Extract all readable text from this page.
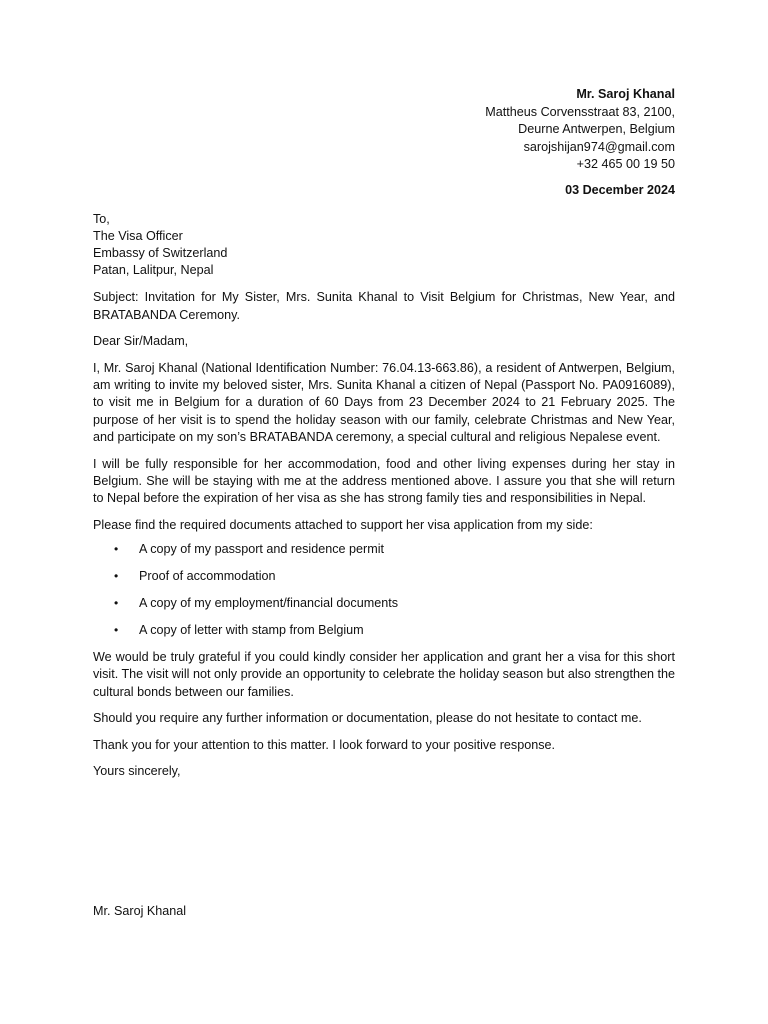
Mr. Saroj Khanal
Mattheus Corvensstraat 83, 2100,
Deurne Antwerpen, Belgium
sarojshijan974@gmail.com
+32 465 00 19 50
03 December 2024
To,
The Visa Officer
Embassy of Switzerland
Patan, Lalitpur, Nepal

Subject: Invitation for My Sister, Mrs. Sunita Khanal to Visit Belgium for Christmas, New Year, and BRATABANDA Ceremony.

Dear Sir/Madam,

I, Mr. Saroj Khanal (National Identification Number: 76.04.13-663.86), a resident of Antwerpen, Belgium, am writing to invite my beloved sister, Mrs. Sunita Khanal a citizen of Nepal (Passport No. PA0916089), to visit me in Belgium for a duration of 60 Days from 23 December 2024 to 21 February 2025. The purpose of her visit is to spend the holiday season with our family, celebrate Christmas and New Year, and participate on my son’s BRATABANDA ceremony, a special cultural and religious Nepalese event.

I will be fully responsible for her accommodation, food and other living expenses during her stay in Belgium. She will be staying with me at the address mentioned above. I assure you that she will return to Nepal before the expiration of her visa as she has strong family ties and responsibilities in Nepal.

Please find the required documents attached to support her visa application from my side:

• A copy of my passport and residence permit
• Proof of accommodation
• A copy of my employment/financial documents
• A copy of letter with stamp from Belgium

We would be truly grateful if you could kindly consider her application and grant her a visa for this short visit. The visit will not only provide an opportunity to celebrate the holiday season but also strengthen the cultural bonds between our families.

Should you require any further information or documentation, please do not hesitate to contact me.

Thank you for your attention to this matter. I look forward to your positive response.

Yours sincerely,

Mr. Saroj Khanal
